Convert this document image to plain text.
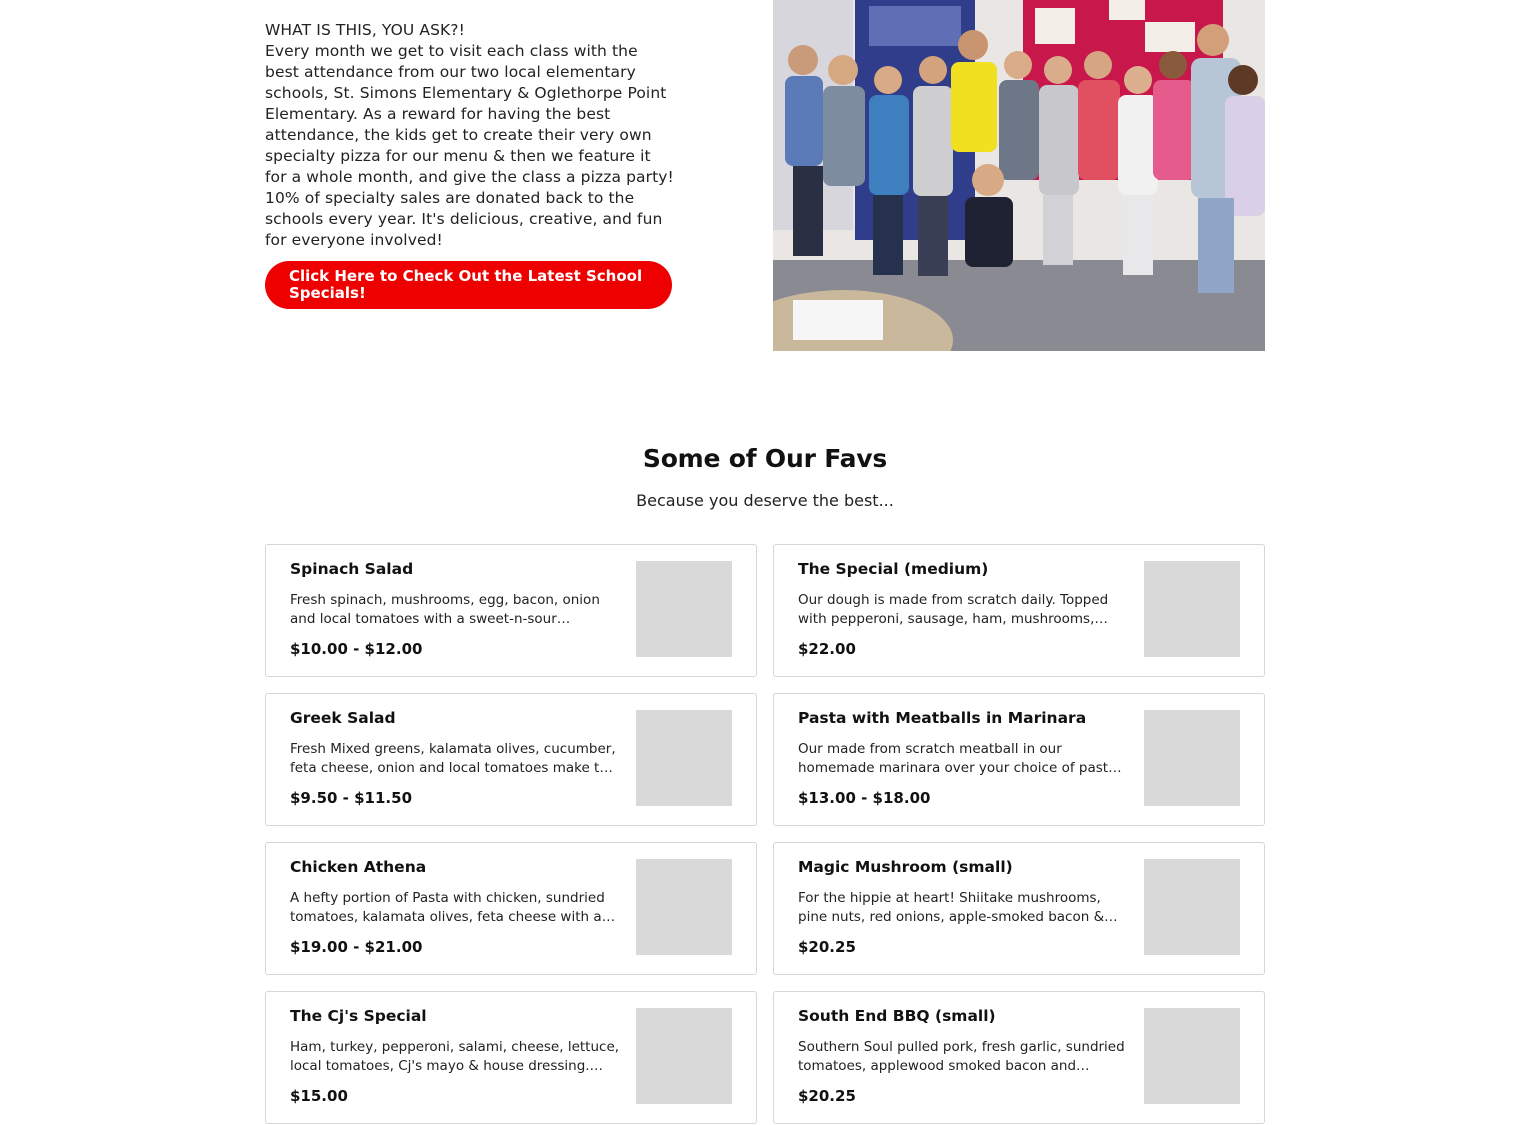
WHAT IS THIS, YOU ASK?!
Every month we get to visit each class with the best attendance from our two local elementary schools, St. Simons Elementary & Oglethorpe Point Elementary. As a reward for having the best attendance, the kids get to create their very own specialty pizza for our menu & then we feature it for a whole month, and give the class a pizza party! 10% of specialty sales are donated back to the schools every year. It's delicious, creative, and fun for everyone involved!
Click Here to Check Out the Latest School Specials!
Some of Our Favs
Because you deserve the best...
Spinach Salad
Fresh spinach, mushrooms, egg, bacon, onion and local tomatoes with a sweet-n-sour
$10.00 - $12.00
The Special (medium)
Our dough is made from scratch daily. Topped with pepperoni, sausage, ham, mushrooms,…
$22.00
Greek Salad
Fresh Mixed greens, kalamata olives, cucumber, feta cheese, onion and local tomatoes make this
$9.50 - $11.50
Pasta with Meatballs in Marinara
Our made from scratch meatball in our homemade marinara over your choice of pasta
$13.00 - $18.00
Chicken Athena
A hefty portion of Pasta with chicken, sundried tomatoes, kalamata olives, feta cheese with a…
$19.00 - $21.00
Magic Mushroom (small)
For the hippie at heart! Shiitake mushrooms, pine nuts, red onions, apple-smoked bacon &
$20.25
The Cj's Special
Ham, turkey, pepperoni, salami, cheese, lettuce, local tomatoes, Cj's mayo & house dressing.…
$15.00
South End BBQ (small)
Southern Soul pulled pork, fresh garlic, sundried tomatoes, applewood smoked bacon and…
$20.25
